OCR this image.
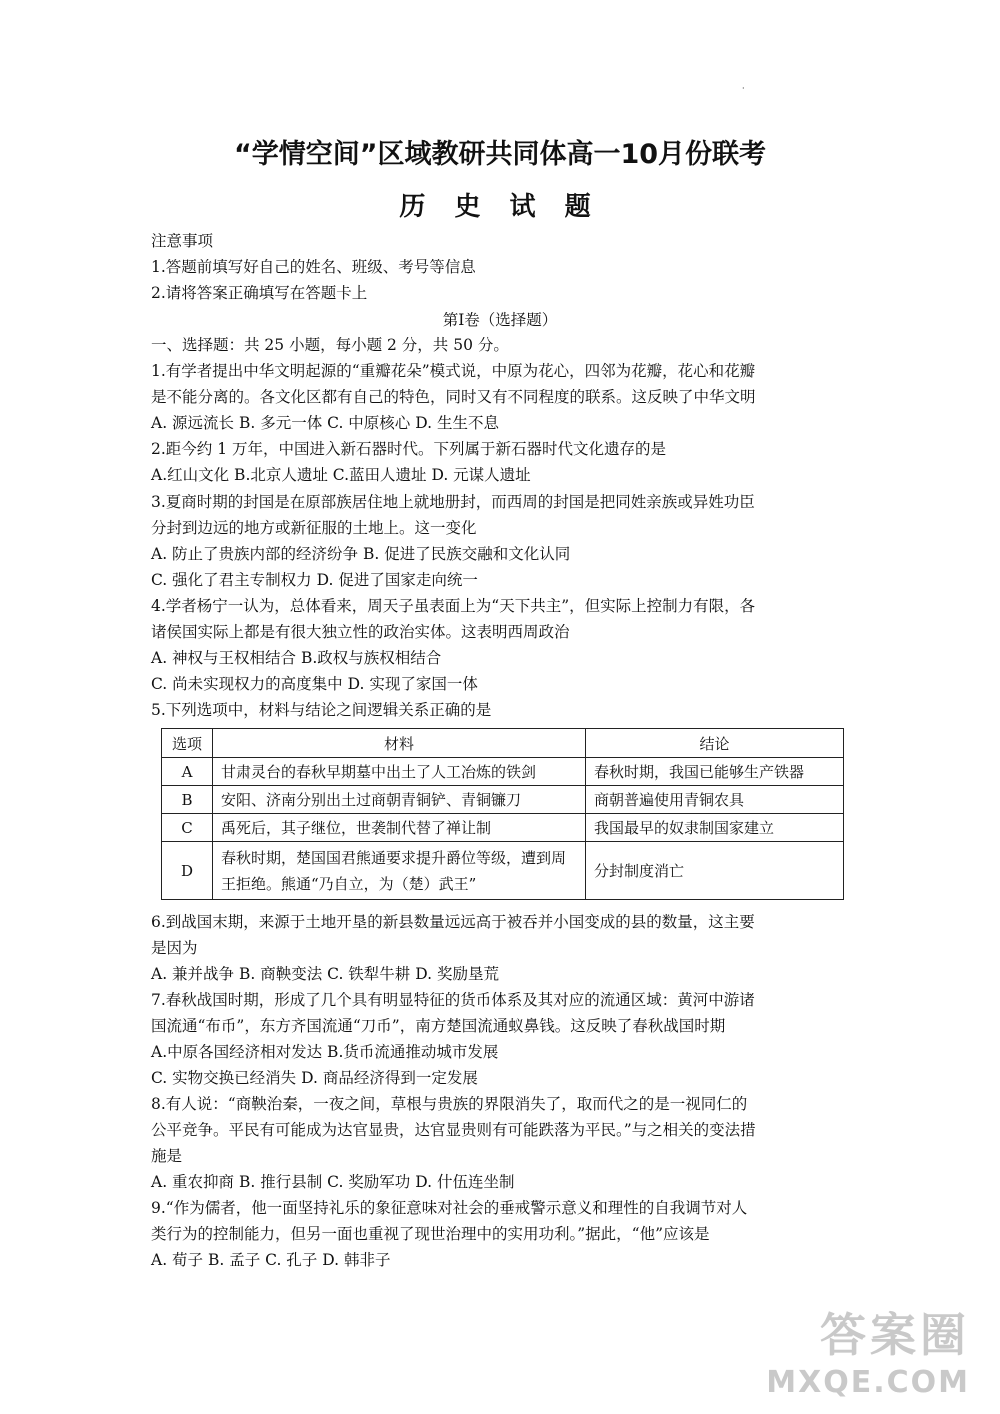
·
“学情空间”区域教研共同体高一10月份联考
历 史 试 题
注意事项
1.答题前填写好自己的姓名、班级、考号等信息
2.请将答案正确填写在答题卡上
第Ⅰ卷（选择题）
一、选择题：共 25 小题，每小题 2 分，共 50 分。
1.有学者提出中华文明起源的“重瓣花朵”模式说，中原为花心，四邻为花瓣，花心和花瓣
是不能分离的。各文化区都有自己的特色，同时又有不同程度的联系。这反映了中华文明
A. 源远流长 B. 多元一体 C. 中原核心 D. 生生不息
2.距今约 1 万年，中国进入新石器时代。下列属于新石器时代文化遗存的是
A.红山文化 B.北京人遗址 C.蓝田人遗址 D. 元谋人遗址
3.夏商时期的封国是在原部族居住地上就地册封，而西周的封国是把同姓亲族或异姓功臣
分封到边远的地方或新征服的土地上。这一变化
A. 防止了贵族内部的经济纷争 B. 促进了民族交融和文化认同
C. 强化了君主专制权力 D. 促进了国家走向统一
4.学者杨宁一认为，总体看来，周天子虽表面上为“天下共主”，但实际上控制力有限，各
诸侯国实际上都是有很大独立性的政治实体。这表明西周政治
A. 神权与王权相结合 B.政权与族权相结合
C. 尚未实现权力的高度集中 D. 实现了家国一体
5.下列选项中，材料与结论之间逻辑关系正确的是
选项	材料	结论
A	甘肃灵台的春秋早期墓中出土了人工冶炼的铁剑	春秋时期，我国已能够生产铁器
B	安阳、济南分别出土过商朝青铜铲、青铜镰刀	商朝普遍使用青铜农具
C	禹死后，其子继位，世袭制代替了禅让制	我国最早的奴隶制国家建立
D	春秋时期，楚国国君熊通要求提升爵位等级，遭到周王拒绝。熊通“乃自立，为（楚）武王”	分封制度消亡
6.到战国末期，来源于土地开垦的新县数量远远高于被吞并小国变成的县的数量，这主要
是因为
A. 兼并战争 B. 商鞅变法 C. 铁犁牛耕 D. 奖励垦荒
7.春秋战国时期，形成了几个具有明显特征的货币体系及其对应的流通区域：黄河中游诸
国流通“布币”，东方齐国流通“刀币”，南方楚国流通蚁鼻钱。这反映了春秋战国时期
A.中原各国经济相对发达 B.货币流通推动城市发展
C. 实物交换已经消失 D. 商品经济得到一定发展
8.有人说：“商鞅治秦，一夜之间，草根与贵族的界限消失了，取而代之的是一视同仁的
公平竞争。平民有可能成为达官显贵，达官显贵则有可能跌落为平民。”与之相关的变法措
施是
A. 重农抑商 B. 推行县制 C. 奖励军功 D. 什伍连坐制
9.“作为儒者，他一面坚持礼乐的象征意味对社会的垂戒警示意义和理性的自我调节对人
类行为的控制能力，但另一面也重视了现世治理中的实用功利。”据此，“他”应该是
A. 荀子 B. 孟子 C. 孔子 D. 韩非子
答案圈
MXQE.COM
